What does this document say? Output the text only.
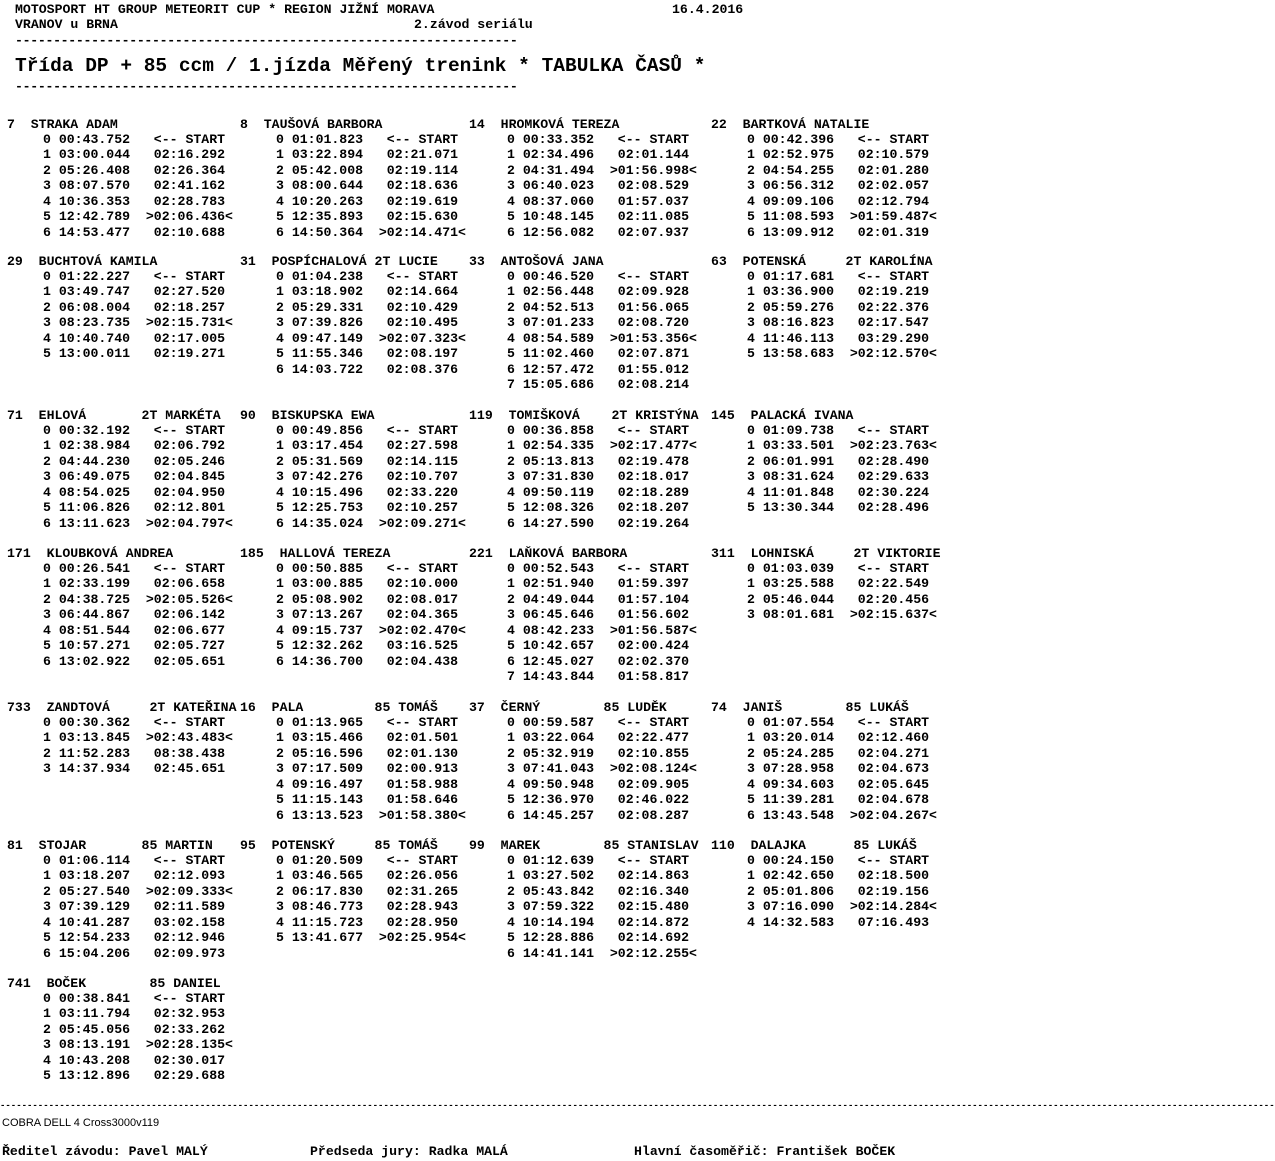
MOTOSPORT HT GROUP METEORIT CUP * REGION JIŽNÍ MORAVA	16.4.2016
VRANOV u BRNA	2.závod seriálu
------------------------------------------------------------------
Třída DP + 85 ccm / 1.jízda Měřený trenink * TABULKA ČASŮ *
------------------------------------------------------------------
7  STRAKA ADAM
0 00:43.752   <-- START
1 03:00.044   02:16.292
2 05:26.408   02:26.364
3 08:07.570   02:41.162
4 10:36.353   02:28.783
5 12:42.789  >02:06.436<
6 14:53.477   02:10.688
8  TAUŠOVÁ BARBORA
0 01:01.823   <-- START
1 03:22.894   02:21.071
2 05:42.008   02:19.114
3 08:00.644   02:18.636
4 10:20.263   02:19.619
5 12:35.893   02:15.630
6 14:50.364  >02:14.471<
14  HROMKOVÁ TEREZA
0 00:33.352   <-- START
1 02:34.496   02:01.144
2 04:31.494  >01:56.998<
3 06:40.023   02:08.529
4 08:37.060   01:57.037
5 10:48.145   02:11.085
6 12:56.082   02:07.937
22  BARTKOVÁ NATALIE
0 00:42.396   <-- START
1 02:52.975   02:10.579
2 04:54.255   02:01.280
3 06:56.312   02:02.057
4 09:09.106   02:12.794
5 11:08.593  >01:59.487<
6 13:09.912   02:01.319
29  BUCHTOVÁ KAMILA
0 01:22.227   <-- START
1 03:49.747   02:27.520
2 06:08.004   02:18.257
3 08:23.735  >02:15.731<
4 10:40.740   02:17.005
5 13:00.011   02:19.271
31  POSPÍCHALOVÁ 2T LUCIE
0 01:04.238   <-- START
1 03:18.902   02:14.664
2 05:29.331   02:10.429
3 07:39.826   02:10.495
4 09:47.149  >02:07.323<
5 11:55.346   02:08.197
6 14:03.722   02:08.376
33  ANTOŠOVÁ JANA
0 00:46.520   <-- START
1 02:56.448   02:09.928
2 04:52.513   01:56.065
3 07:01.233   02:08.720
4 08:54.589  >01:53.356<
5 11:02.460   02:07.871
6 12:57.472   01:55.012
7 15:05.686   02:08.214
63  POTENSKÁ     2T KAROLÍNA
0 01:17.681   <-- START
1 03:36.900   02:19.219
2 05:59.276   02:22.376
3 08:16.823   02:17.547
4 11:46.113   03:29.290
5 13:58.683  >02:12.570<
71  EHLOVÁ       2T MARKÉTA
0 00:32.192   <-- START
1 02:38.984   02:06.792
2 04:44.230   02:05.246
3 06:49.075   02:04.845
4 08:54.025   02:04.950
5 11:06.826   02:12.801
6 13:11.623  >02:04.797<
90  BISKUPSKA EWA
0 00:49.856   <-- START
1 03:17.454   02:27.598
2 05:31.569   02:14.115
3 07:42.276   02:10.707
4 10:15.496   02:33.220
5 12:25.753   02:10.257
6 14:35.024  >02:09.271<
119  TOMIŠKOVÁ    2T KRISTÝNA
0 00:36.858   <-- START
1 02:54.335  >02:17.477<
2 05:13.813   02:19.478
3 07:31.830   02:18.017
4 09:50.119   02:18.289
5 12:08.326   02:18.207
6 14:27.590   02:19.264
145  PALACKÁ IVANA
0 01:09.738   <-- START
1 03:33.501  >02:23.763<
2 06:01.991   02:28.490
3 08:31.624   02:29.633
4 11:01.848   02:30.224
5 13:30.344   02:28.496
171  KLOUBKOVÁ ANDREA
0 00:26.541   <-- START
1 02:33.199   02:06.658
2 04:38.725  >02:05.526<
3 06:44.867   02:06.142
4 08:51.544   02:06.677
5 10:57.271   02:05.727
6 13:02.922   02:05.651
185  HALLOVÁ TEREZA
0 00:50.885   <-- START
1 03:00.885   02:10.000
2 05:08.902   02:08.017
3 07:13.267   02:04.365
4 09:15.737  >02:02.470<
5 12:32.262   03:16.525
6 14:36.700   02:04.438
221  LAŇKOVÁ BARBORA
0 00:52.543   <-- START
1 02:51.940   01:59.397
2 04:49.044   01:57.104
3 06:45.646   01:56.602
4 08:42.233  >01:56.587<
5 10:42.657   02:00.424
6 12:45.027   02:02.370
7 14:43.844   01:58.817
311  LOHNISKÁ     2T VIKTORIE
0 01:03.039   <-- START
1 03:25.588   02:22.549
2 05:46.044   02:20.456
3 08:01.681  >02:15.637<
733  ZANDTOVÁ     2T KATEŘINA
0 00:30.362   <-- START
1 03:13.845  >02:43.483<
2 11:52.283   08:38.438
3 14:37.934   02:45.651
16  PALA         85 TOMÁŠ
0 01:13.965   <-- START
1 03:15.466   02:01.501
2 05:16.596   02:01.130
3 07:17.509   02:00.913
4 09:16.497   01:58.988
5 11:15.143   01:58.646
6 13:13.523  >01:58.380<
37  ČERNÝ        85 LUDĚK
0 00:59.587   <-- START
1 03:22.064   02:22.477
2 05:32.919   02:10.855
3 07:41.043  >02:08.124<
4 09:50.948   02:09.905
5 12:36.970   02:46.022
6 14:45.257   02:08.287
74  JANIŠ        85 LUKÁŠ
0 01:07.554   <-- START
1 03:20.014   02:12.460
2 05:24.285   02:04.271
3 07:28.958   02:04.673
4 09:34.603   02:05.645
5 11:39.281   02:04.678
6 13:43.548  >02:04.267<
81  STOJAR       85 MARTIN
0 01:06.114   <-- START
1 03:18.207   02:12.093
2 05:27.540  >02:09.333<
3 07:39.129   02:11.589
4 10:41.287   03:02.158
5 12:54.233   02:12.946
6 15:04.206   02:09.973
95  POTENSKÝ     85 TOMÁŠ
0 01:20.509   <-- START
1 03:46.565   02:26.056
2 06:17.830   02:31.265
3 08:46.773   02:28.943
4 11:15.723   02:28.950
5 13:41.677  >02:25.954<
99  MAREK        85 STANISLAV
0 01:12.639   <-- START
1 03:27.502   02:14.863
2 05:43.842   02:16.340
3 07:59.322   02:15.480
4 10:14.194   02:14.872
5 12:28.886   02:14.692
6 14:41.141  >02:12.255<
110  DALAJKA      85 LUKÁŠ
0 00:24.150   <-- START
1 02:42.650   02:18.500
2 05:01.806   02:19.156
3 07:16.090  >02:14.284<
4 14:32.583   07:16.493
741  BOČEK        85 DANIEL
0 00:38.841   <-- START
1 03:11.794   02:32.953
2 05:45.056   02:33.262
3 08:13.191  >02:28.135<
4 10:43.208   02:30.017
5 13:12.896   02:29.688
--------------------------------------------------------------------------------------------------------------------------------------------------------------------------------------------------------------------------------------------
COBRA DELL 4 Cross3000v119
Ředitel závodu: Pavel MALÝ	Předseda jury: Radka MALÁ	Hlavní časoměřič: František BOČEK
